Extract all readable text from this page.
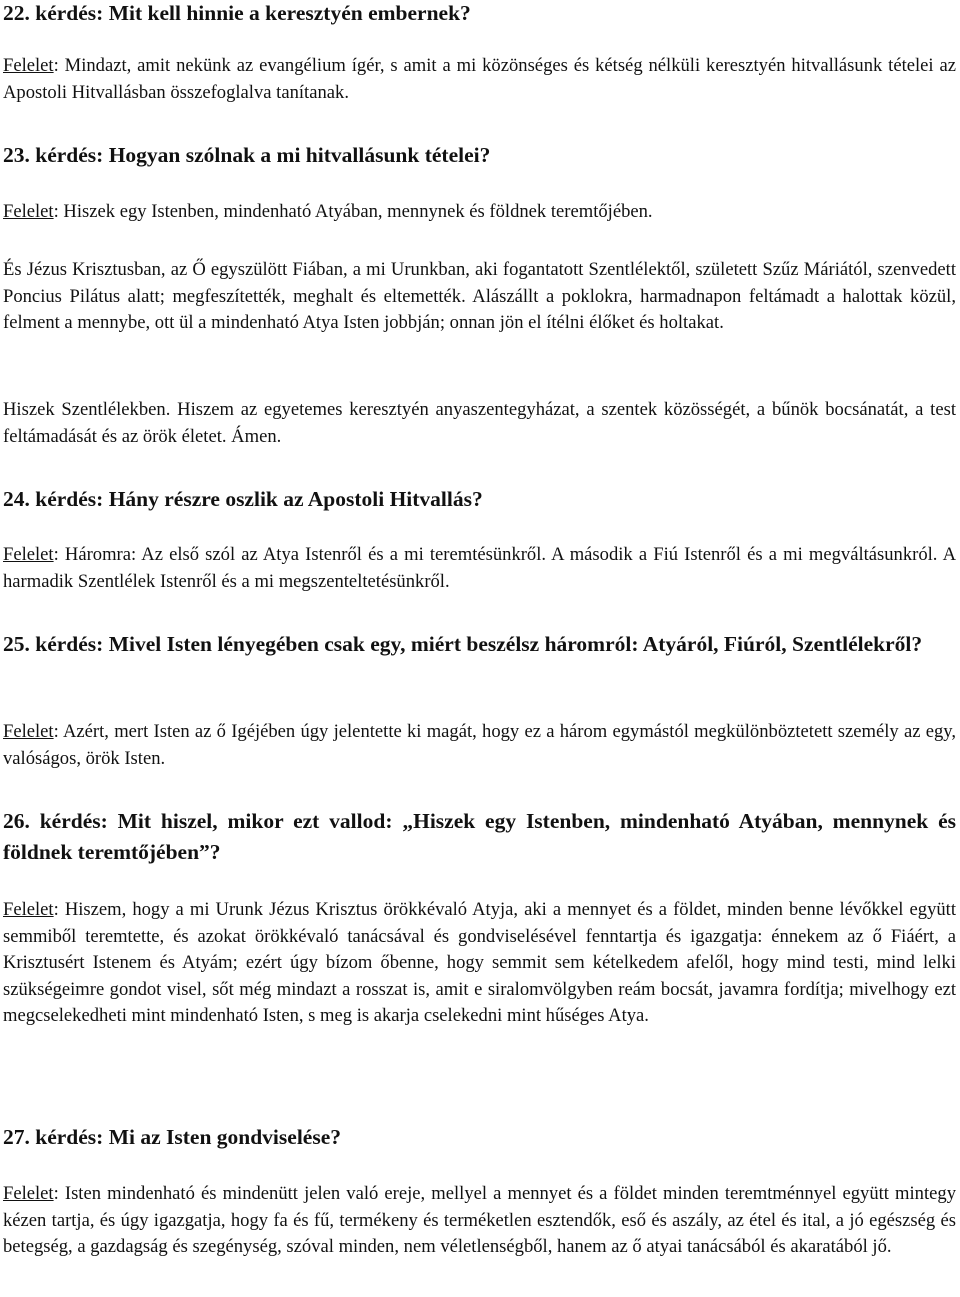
22. kérdés: Mit kell hinnie a keresztyén embernek?

Felelet: Mindazt, amit nekünk az evangélium ígér, s amit a mi közönséges és kétség nélküli keresztyén hitvallásunk tételei az Apostoli Hitvallásban összefoglalva tanítanak.

23. kérdés: Hogyan szólnak a mi hitvallásunk tételei?

Felelet: Hiszek egy Istenben, mindenható Atyában, mennynek és földnek teremtőjében.

És Jézus Krisztusban, az Ő egyszülött Fiában, a mi Urunkban, aki fogantatott Szentlélektől, született Szűz Máriától, szenvedett Poncius Pilátus alatt; megfeszítették, meghalt és eltemették. Alászállt a poklokra, harmadnapon feltámadt a halottak közül, felment a mennybe, ott ül a mindenható Atya Isten jobbján; onnan jön el ítélni élőket és holtakat.

Hiszek Szentlélekben. Hiszem az egyetemes keresztyén anyaszentegyházat, a szentek közösségét, a bűnök bocsánatát, a test feltámadását és az örök életet. Ámen.

24. kérdés: Hány részre oszlik az Apostoli Hitvallás?

Felelet: Háromra: Az első szól az Atya Istenről és a mi teremtésünkről. A második a Fiú Istenről és a mi megváltásunkról. A harmadik Szentlélek Istenről és a mi megszenteltetésünkről.

25. kérdés: Mivel Isten lényegében csak egy, miért beszélsz háromról: Atyáról, Fiúról, Szentlélekről?

Felelet: Azért, mert Isten az ő Igéjében úgy jelentette ki magát, hogy ez a három egymástól megkülönböztetett személy az egy, valóságos, örök Isten.

26. kérdés: Mit hiszel, mikor ezt vallod: „Hiszek egy Istenben, mindenható Atyában, mennynek és földnek teremtőjében”?

Felelet: Hiszem, hogy a mi Urunk Jézus Krisztus örökkévaló Atyja, aki a mennyet és a földet, minden benne lévőkkel együtt semmiből teremtette, és azokat örökkévaló tanácsával és gondviselésével fenntartja és igazgatja: énnekem az ő Fiáért, a Krisztusért Istenem és Atyám; ezért úgy bízom őbenne, hogy semmit sem kételkedem afelől, hogy mind testi, mind lelki szükségeimre gondot visel, sőt még mindazt a rosszat is, amit e siralomvölgyben reám bocsát, javamra fordítja; mivelhogy ezt megcselekedheti mint mindenható Isten, s meg is akarja cselekedni mint hűséges Atya.

27. kérdés: Mi az Isten gondviselése?

Felelet: Isten mindenható és mindenütt jelen való ereje, mellyel a mennyet és a földet minden teremtménnyel együtt mintegy kézen tartja, és úgy igazgatja, hogy fa és fű, termékeny és terméketlen esztendők, eső és aszály, az étel és ital, a jó egészség és betegség, a gazdagság és szegénység, szóval minden, nem véletlenségből, hanem az ő atyai tanácsából és akaratából jő.
